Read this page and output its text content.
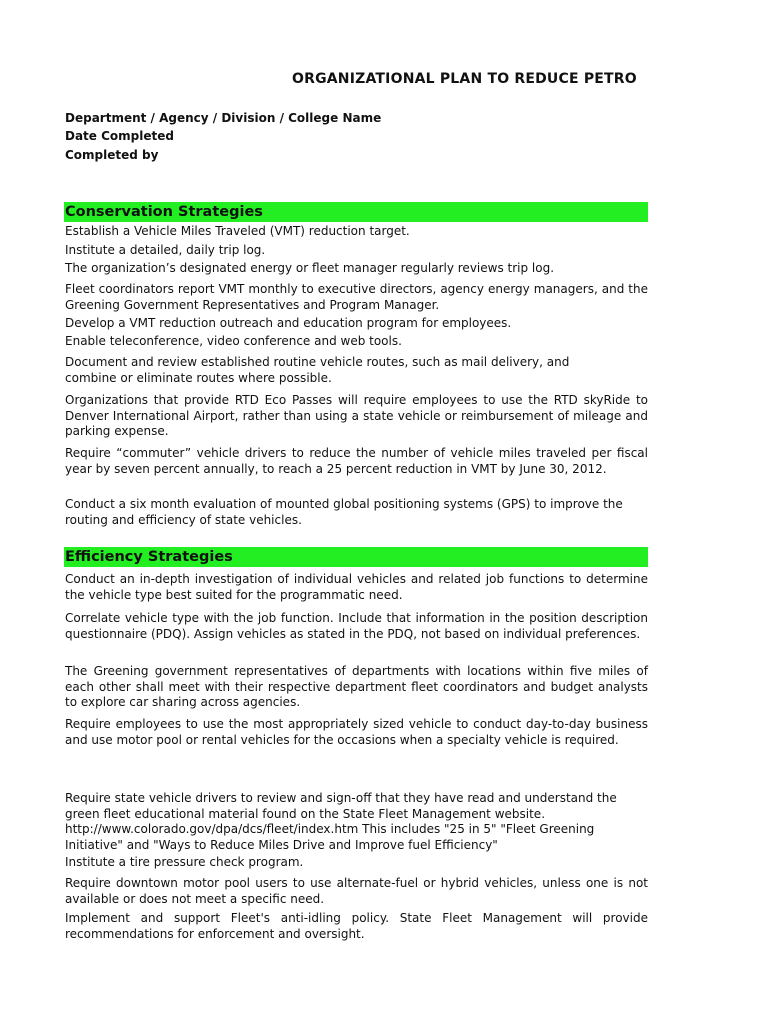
ORGANIZATIONAL PLAN TO REDUCE PETRO
Department / Agency / Division / College Name
Date Completed
Completed by
Conservation Strategies
Establish a Vehicle Miles Traveled (VMT) reduction target.
Institute a detailed, daily trip log.
The organization’s designated energy or fleet manager regularly reviews trip log.
Fleet coordinators report VMT monthly to executive directors, agency energy managers, and the Greening Government Representatives and Program Manager.
Develop a VMT reduction outreach and education program for employees.
Enable teleconference, video conference and web tools.
Document and review established routine vehicle routes, such as mail delivery, and combine or eliminate routes where possible.
Organizations that provide RTD Eco Passes will require employees to use the RTD skyRide to Denver International Airport, rather than using a state vehicle or reimbursement of mileage and parking expense.
Require “commuter” vehicle drivers to reduce the number of vehicle miles traveled per fiscal year by seven percent annually, to reach a 25 percent reduction in VMT by June 30, 2012.
Conduct a six month evaluation of mounted global positioning systems (GPS) to improve the routing and efficiency of state vehicles.
Efficiency Strategies
Conduct an in-depth investigation of individual vehicles and related job functions to determine the vehicle type best suited for the programmatic need.
Correlate vehicle type with the job function. Include that information in the position description questionnaire (PDQ). Assign vehicles as stated in the PDQ, not based on individual preferences.
The Greening government representatives of departments with locations within five miles of each other shall meet with their respective department fleet coordinators and budget analysts to explore car sharing across agencies.
Require employees to use the most appropriately sized vehicle to conduct day-to-day business and use motor pool or rental vehicles for the occasions when a specialty vehicle is required.
Require state vehicle drivers to review and sign-off that they have read and understand the green fleet educational material found on the State Fleet Management website. http://www.colorado.gov/dpa/dcs/fleet/index.htm This includes "25 in 5" "Fleet Greening Initiative" and "Ways to Reduce Miles Drive and Improve fuel Efficiency"
Institute a tire pressure check program.
Require downtown motor pool users to use alternate-fuel or hybrid vehicles, unless one is not available or does not meet a specific need.
Implement and support Fleet's anti-idling policy. State Fleet Management will provide recommendations for enforcement and oversight.
